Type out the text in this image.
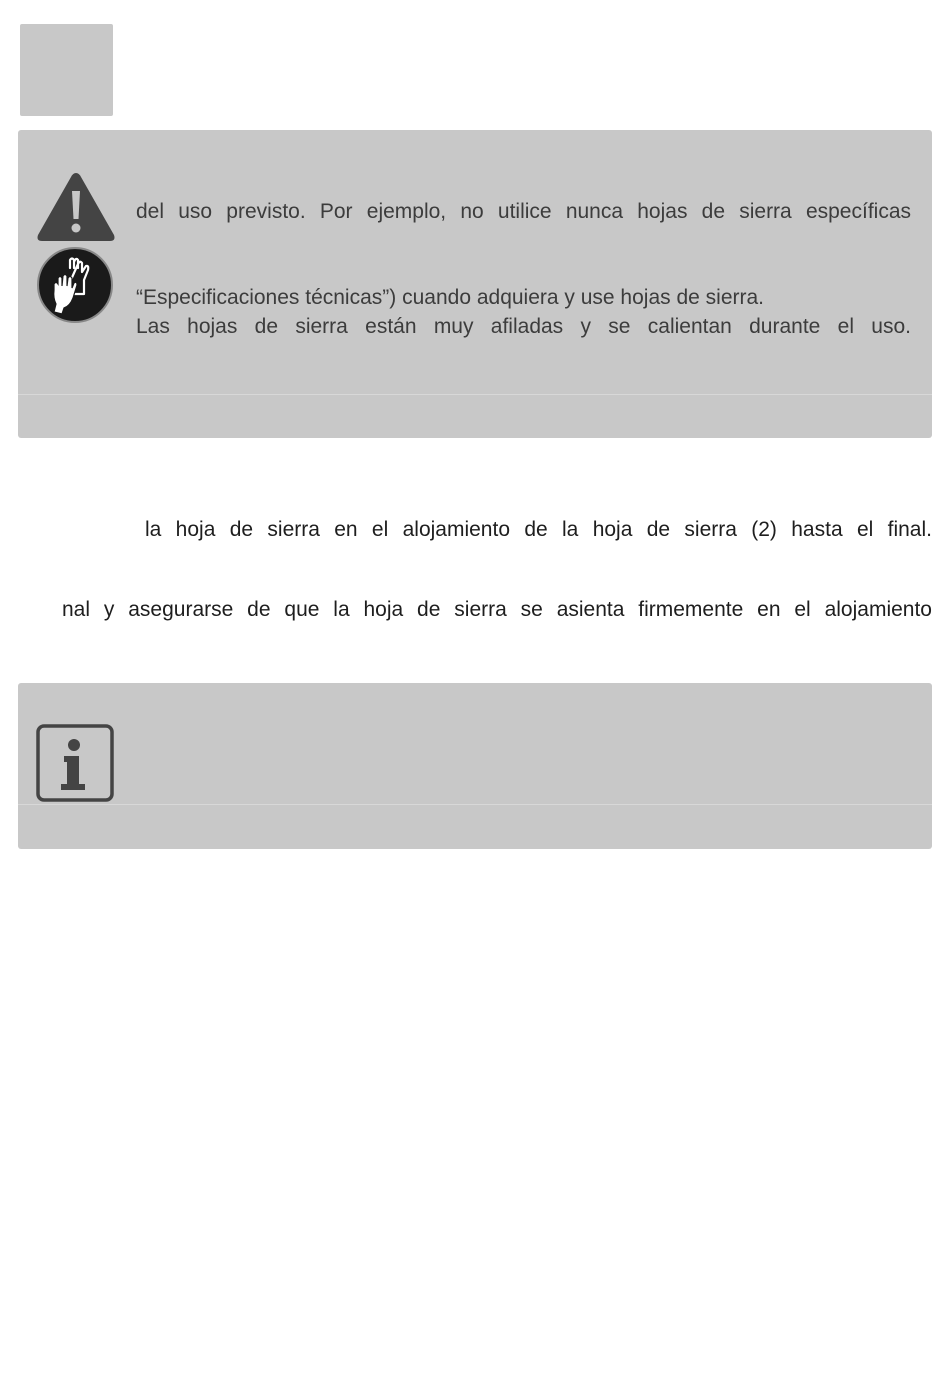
del uso previsto. Por ejemplo, no utilice nunca hojas de sierra específicas
“Especificaciones técnicas”) cuando adquiera y use hojas de sierra.
Las hojas de sierra están muy afiladas y se calientan durante el uso.
la hoja de sierra en el alojamiento de la hoja de sierra (2) hasta el final.
nal y asegurarse de que la hoja de sierra se asienta firmemente en el alojamiento
